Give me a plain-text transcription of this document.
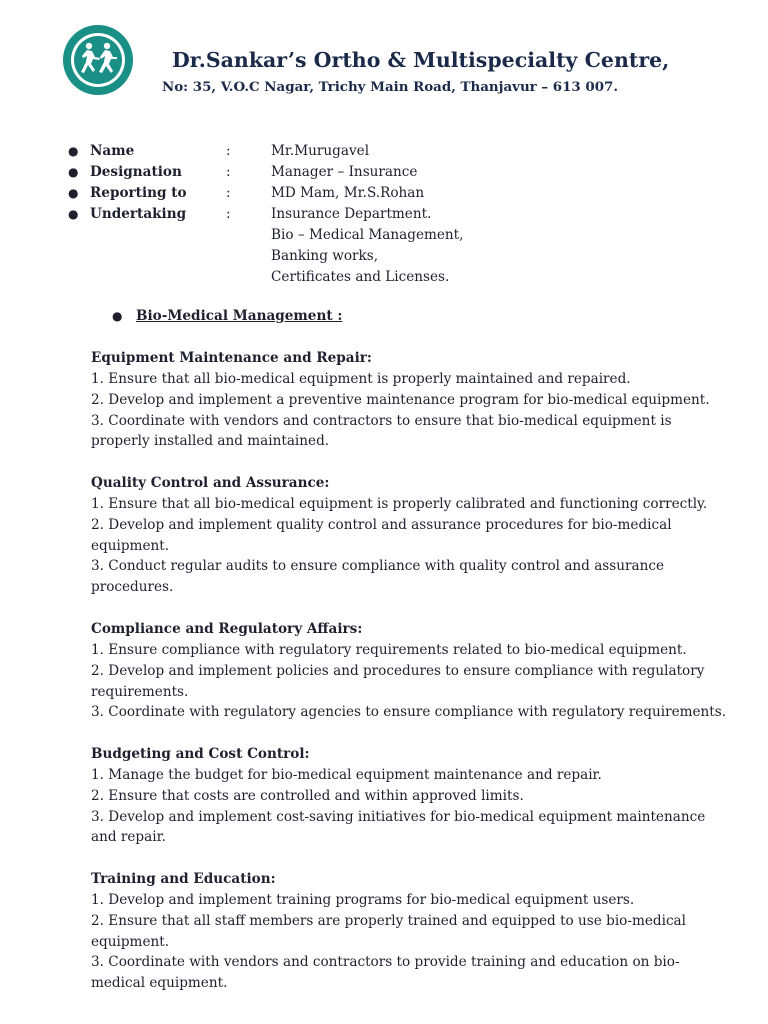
Dr.Sankar’s Ortho & Multispecialty Centre,
No: 35, V.O.C Nagar, Trichy Main Road, Thanjavur – 613 007.
● Name	:	Mr.Murugavel
● Designation	:	Manager – Insurance
● Reporting to	:	MD Mam, Mr.S.Rohan
● Undertaking	:	Insurance Department.
Bio – Medical Management,
Banking works,
Certificates and Licenses.
● Bio-Medical Management :
Equipment Maintenance and Repair:

1. Ensure that all bio-medical equipment is properly maintained and repaired.

2. Develop and implement a preventive maintenance program for bio-medical equipment.

3. Coordinate with vendors and contractors to ensure that bio-medical equipment is properly installed and maintained.

Quality Control and Assurance:

1. Ensure that all bio-medical equipment is properly calibrated and functioning correctly.

2. Develop and implement quality control and assurance procedures for bio-medical equipment.

3. Conduct regular audits to ensure compliance with quality control and assurance procedures.

Compliance and Regulatory Affairs:

1. Ensure compliance with regulatory requirements related to bio-medical equipment.

2. Develop and implement policies and procedures to ensure compliance with regulatory requirements.

3. Coordinate with regulatory agencies to ensure compliance with regulatory requirements.

Budgeting and Cost Control:

1. Manage the budget for bio-medical equipment maintenance and repair.

2. Ensure that costs are controlled and within approved limits.

3. Develop and implement cost-saving initiatives for bio-medical equipment maintenance and repair.

Training and Education:

1. Develop and implement training programs for bio-medical equipment users.

2. Ensure that all staff members are properly trained and equipped to use bio-medical equipment.

3. Coordinate with vendors and contractors to provide training and education on bio-medical equipment.
